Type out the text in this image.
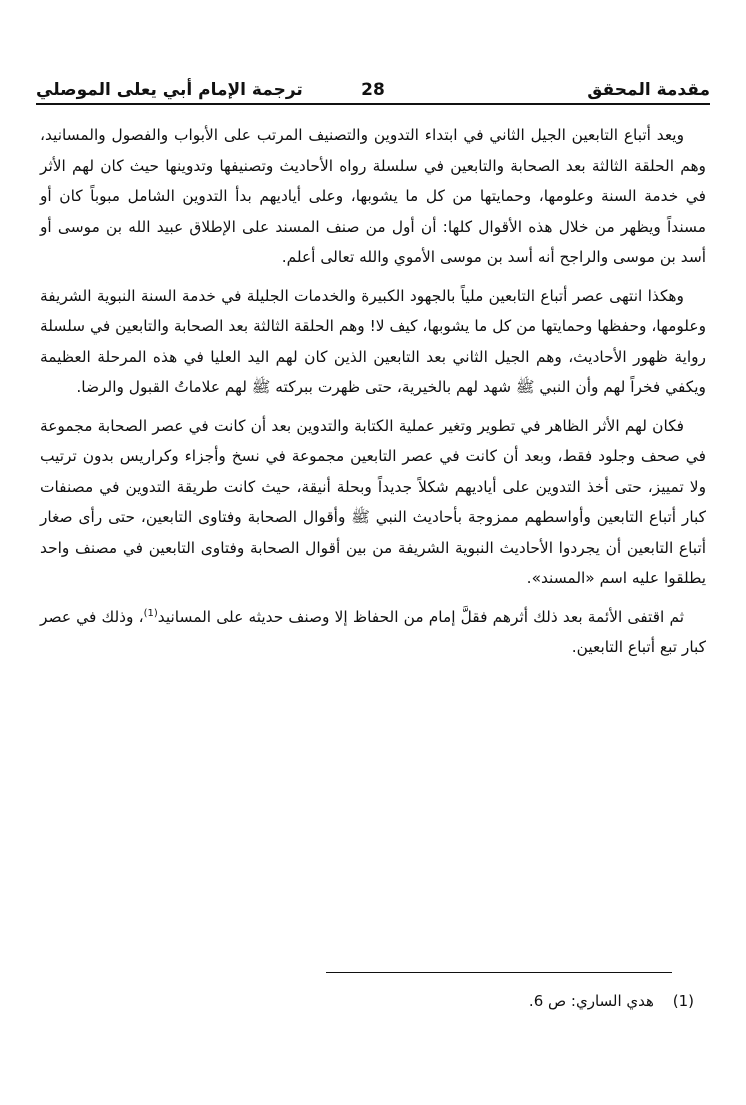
مقدمة المحقق
28
ترجمة الإمام أبي يعلى الموصلي

ويعد أتباع التابعين الجيل الثاني في ابتداء التدوين والتصنيف المرتب على الأبواب والفصول والمسانيد، وهم الحلقة الثالثة بعد الصحابة والتابعين في سلسلة رواه الأحاديث وتصنيفها وتدوينها حيث كان لهم الأثر في خدمة السنة وعلومها، وحمايتها من كل ما يشوبها، وعلى أياديهم بدأ التدوين الشامل مبوباً كان أو مسنداً ويظهر من خلال هذه الأقوال كلها: أن أول من صنف المسند على الإطلاق عبيد الله بن موسى أو أسد بن موسى والراجح أنه أسد بن موسى الأموي والله تعالى أعلم.

وهكذا انتهى عصر أتباع التابعين ملياً بالجهود الكبيرة والخدمات الجليلة في خدمة السنة النبوية الشريفة وعلومها، وحفظها وحمايتها من كل ما يشوبها، كيف لا! وهم الحلقة الثالثة بعد الصحابة والتابعين في سلسلة رواية ظهور الأحاديث، وهم الجيل الثاني بعد التابعين الذين كان لهم اليد العليا في هذه المرحلة العظيمة ويكفي فخراً لهم وأن النبي ﷺ شهد لهم بالخيرية، حتى ظهرت ببركته ﷺ لهم علاماتُ القبول والرضا.

فكان لهم الأثر الظاهر في تطوير وتغير عملية الكتابة والتدوين بعد أن كانت في عصر الصحابة مجموعة في صحف وجلود فقط، وبعد أن كانت في عصر التابعين مجموعة في نسخ وأجزاء وكراريس بدون ترتيب ولا تمييز، حتى أخذ التدوين على أياديهم شكلاً جديداً وبحلة أنيقة، حيث كانت طريقة التدوين في مصنفات كبار أتباع التابعين وأواسطهم ممزوجة بأحاديث النبي ﷺ وأقوال الصحابة وفتاوى التابعين، حتى رأى صغار أتباع التابعين أن يجردوا الأحاديث النبوية الشريفة من بين أقوال الصحابة وفتاوى التابعين في مصنف واحد يطلقوا عليه اسم «المسند».

ثم اقتفى الأئمة بعد ذلك أثرهم فقلَّ إمام من الحفاظ إلا وصنف حديثه على المسانيد$^{(1)}$، وذلك في عصر كبار تبع أتباع التابعين.

(1) هدي الساري: ص 6.
